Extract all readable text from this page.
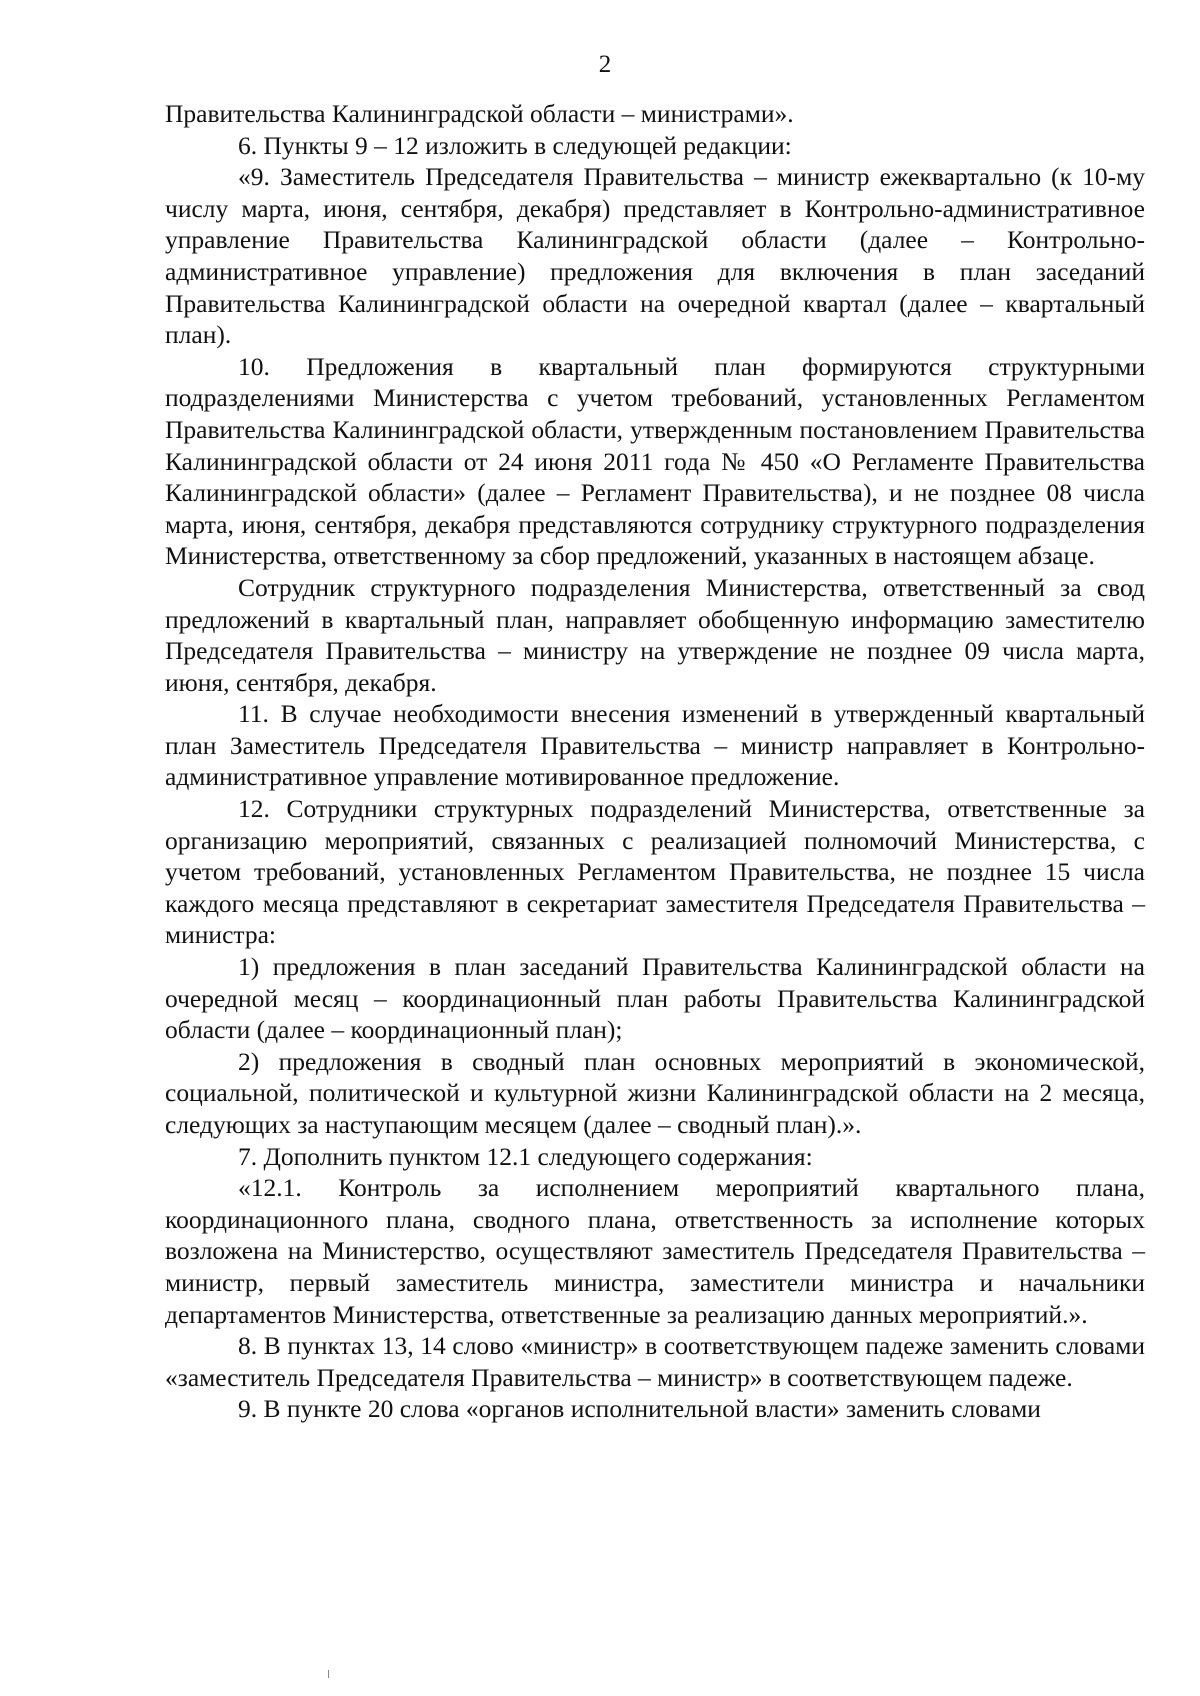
2

Правительства Калининградской области – министрами».

6. Пункты 9 – 12 изложить в следующей редакции:

«9. Заместитель Председателя Правительства – министр ежеквартально (к 10-му числу марта, июня, сентября, декабря) представляет в Контрольно-административное управление Правительства Калининградской области (далее – Контрольно-административное управление) предложения для включения в план заседаний Правительства Калининградской области на очередной квартал (далее – квартальный план).

10. Предложения в квартальный план формируются структурными подразделениями Министерства с учетом требований, установленных Регламентом Правительства Калининградской области, утвержденным постановлением Правительства Калининградской области от 24 июня 2011 года № 450 «О Регламенте Правительства Калининградской области» (далее – Регламент Правительства), и не позднее 08 числа марта, июня, сентября, декабря представляются сотруднику структурного подразделения Министерства, ответственному за сбор предложений, указанных в настоящем абзаце.

Сотрудник структурного подразделения Министерства, ответственный за свод предложений в квартальный план, направляет обобщенную информацию заместителю Председателя Правительства – министру на утверждение не позднее 09 числа марта, июня, сентября, декабря.

11. В случае необходимости внесения изменений в утвержденный квартальный план Заместитель Председателя Правительства – министр направляет в Контрольно-административное управление мотивированное предложение.

12. Сотрудники структурных подразделений Министерства, ответственные за организацию мероприятий, связанных с реализацией полномочий Министерства, с учетом требований, установленных Регламентом Правительства, не позднее 15 числа каждого месяца представляют в секретариат заместителя Председателя Правительства – министра:

1) предложения в план заседаний Правительства Калининградской области на очередной месяц – координационный план работы Правительства Калининградской области (далее – координационный план);

2) предложения в сводный план основных мероприятий в экономической, социальной, политической и культурной жизни Калининградской области на 2 месяца, следующих за наступающим месяцем (далее – сводный план).».

7. Дополнить пунктом 12.1 следующего содержания:

«12.1. Контроль за исполнением мероприятий квартального плана, координационного плана, сводного плана, ответственность за исполнение которых возложена на Министерство, осуществляют заместитель Председателя Правительства – министр, первый заместитель министра, заместители министра и начальники департаментов Министерства, ответственные за реализацию данных мероприятий.».

8. В пунктах 13, 14 слово «министр» в соответствующем падеже заменить словами «заместитель Председателя Правительства – министр» в соответствующем падеже.

9. В пункте 20 слова «органов исполнительной власти» заменить словами
